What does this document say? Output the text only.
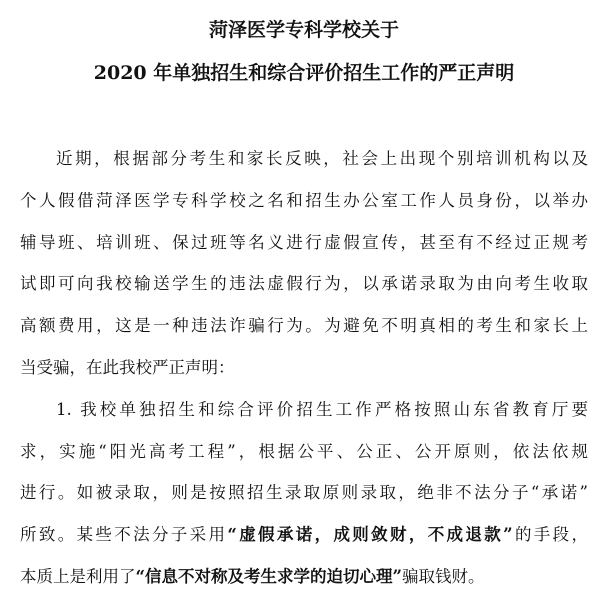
菏泽医学专科学校关于
2020 年单独招生和综合评价招生工作的严正声明

近期，根据部分考生和家长反映，社会上出现个别培训机构以及

个人假借菏泽医学专科学校之名和招生办公室工作人员身份，以举办

辅导班、培训班、保过班等名义进行虚假宣传，甚至有不经过正规考

试即可向我校输送学生的违法虚假行为，以承诺录取为由向考生收取

高额费用，这是一种违法诈骗行为。为避免不明真相的考生和家长上

当受骗，在此我校严正声明：

1. 我校单独招生和综合评价招生工作严格按照山东省教育厅要

求，实施“阳光高考工程”，根据公平、公正、公开原则，依法依规

进行。如被录取，则是按照招生录取原则录取，绝非不法分子“承诺”

所致。某些不法分子采用“虚假承诺，成则敛财，不成退款”的手段，

本质上是利用了“信息不对称及考生求学的迫切心理”骗取钱财。
